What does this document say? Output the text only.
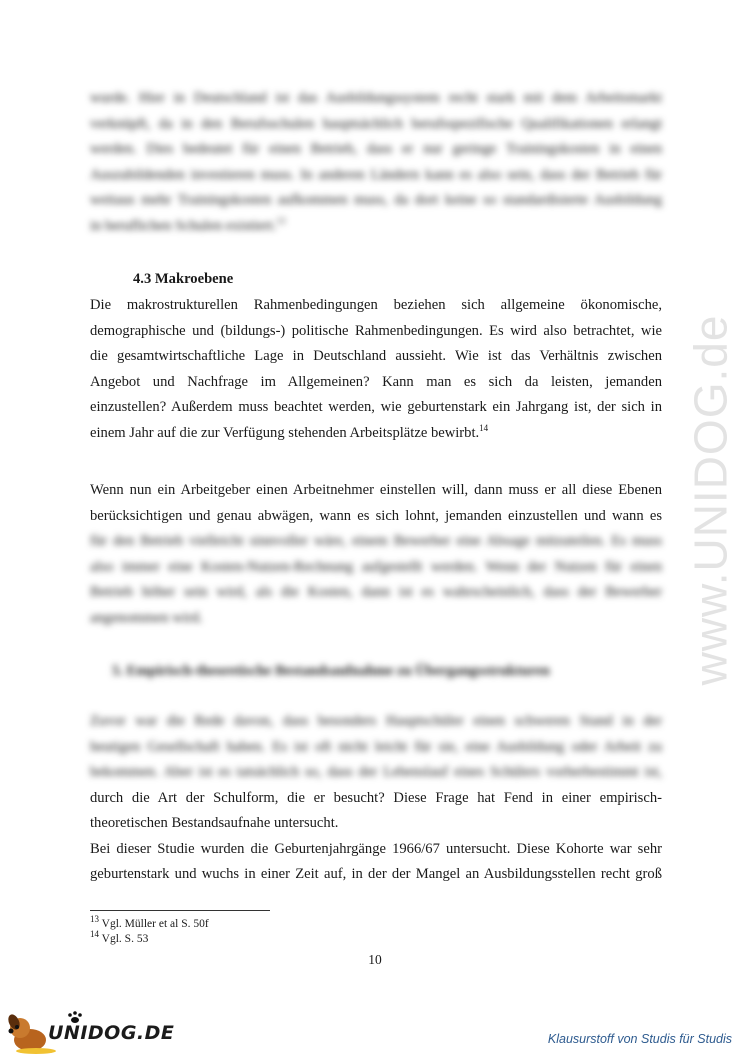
www.UNIDOG.de
wurde. Hier in Deutschland ist das Ausbildungssystem recht stark mit dem Arbeitsmarkt
verknüpft, da in den Berufsschulen hauptsächlich berufsspezifische Qualifikationen erlangt
werden. Dies bedeutet für einen Betrieb, dass er nur geringe Trainingskosten in einen
Auszubildenden investieren muss. In anderen Ländern kann es also sein, dass der Betrieb für
weitaus mehr Trainingskosten aufkommen muss, da dort keine so standardisierte Ausbildung
in beruflichen Schulen existiert.$^{13}$
4.3 Makroebene
Die makrostrukturellen Rahmenbedingungen beziehen sich allgemeine ökonomische,
demographische und (bildungs-) politische Rahmenbedingungen. Es wird also betrachtet, wie
die gesamtwirtschaftliche Lage in Deutschland aussieht. Wie ist das Verhältnis zwischen
Angebot und Nachfrage im Allgemeinen? Kann man es sich da leisten, jemanden
einzustellen? Außerdem muss beachtet werden, wie geburtenstark ein Jahrgang ist, der sich in
einem Jahr auf die zur Verfügung stehenden Arbeitsplätze bewirbt.$^{14}$
Wenn nun ein Arbeitgeber einen Arbeitnehmer einstellen will, dann muss er all diese Ebenen
berücksichtigen und genau abwägen, wann es sich lohnt, jemanden einzustellen und wann es
für den Betrieb vielleicht sinnvoller wäre, einem Bewerber eine Absage mitzuteilen. Es muss
also immer eine Kosten-Nutzen-Rechnung aufgestellt werden. Wenn der Nutzen für einen
Betrieb höher sein wird, als die Kosten, dann ist es wahrscheinlich, dass der Bewerber
angenommen wird.
5. Empirisch-theoretische Bestandsaufnahme zu Übergangsstrukturen
Zuvor war die Rede davon, dass besonders Hauptschüler einen schweren Stand in der
heutigen Gesellschaft haben. Es ist oft nicht leicht für sie, eine Ausbildung oder Arbeit zu
bekommen. Aber ist es tatsächlich so, dass der Lebenslauf eines Schülers vorherbestimmt ist,
durch die Art der Schulform, die er besucht? Diese Frage hat Fend in einer empirisch-
theoretischen Bestandsaufnahe untersucht.
Bei dieser Studie wurden die Geburtenjahrgänge 1966/67 untersucht. Diese Kohorte war sehr
geburtenstark und wuchs in einer Zeit auf, in der der Mangel an Ausbildungsstellen recht groß
$^{13}$ Vgl. Müller et al S. 50f
$^{14}$ Vgl. S. 53
10
UNIDOG.DE	Klausurstoff von Studis für Studis
